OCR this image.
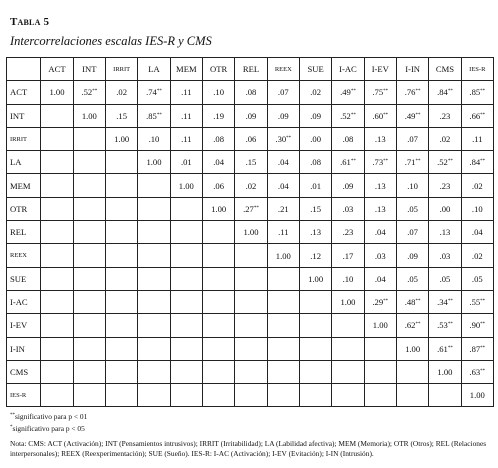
Tabla 5
Intercorrelaciones escalas IES-R y CMS
	ACT	INT	IRRIT	LA	MEM	OTR	REL	REEX	SUE	I-AC	I-EV	I-IN	CMS	IES-R
ACT	1.00	.52**	.02	.74**	.11	.10	.08	.07	.02	.49**	.75**	.76**	.84**	.85**
INT		1.00	.15	.85**	.11	.19	.09	.09	.09	.52**	.60**	.49**	.23	.66**
IRRIT			1.00	.10	.11	.08	.06	.30**	.00	.08	.13	.07	.02	.11
LA				1.00	.01	.04	.15	.04	.08	.61**	.73**	.71**	.52**	.84**
MEM					1.00	.06	.02	.04	.01	.09	.13	.10	.23	.02
OTR						1.00	.27**	.21	.15	.03	.13	.05	.00	.10
REL							1.00	.11	.13	.23	.04	.07	.13	.04
REEX								1.00	.12	.17	.03	.09	.03	.02
SUE									1.00	.10	.04	.05	.05	.05
I-AC										1.00	.29**	.48**	.34**	.55**
I-EV											1.00	.62**	.53**	.90**
I-IN												1.00	.61**	.87**
CMS													1.00	.63**
IES-R														1.00
**significativo para p < 01
*significativo para p < 05
Nota: CMS: ACT (Activación); INT (Pensamientos intrusivos); IRRIT (Irritabilidad); LA (Labilidad afectiva); MEM (Memoria); OTR (Otros); REL (Relaciones interpersonales); REEX (Reexperimentación); SUE (Sueño). IES-R: I-AC (Activación); I-EV (Evitación); I-IN (Intrusión).
